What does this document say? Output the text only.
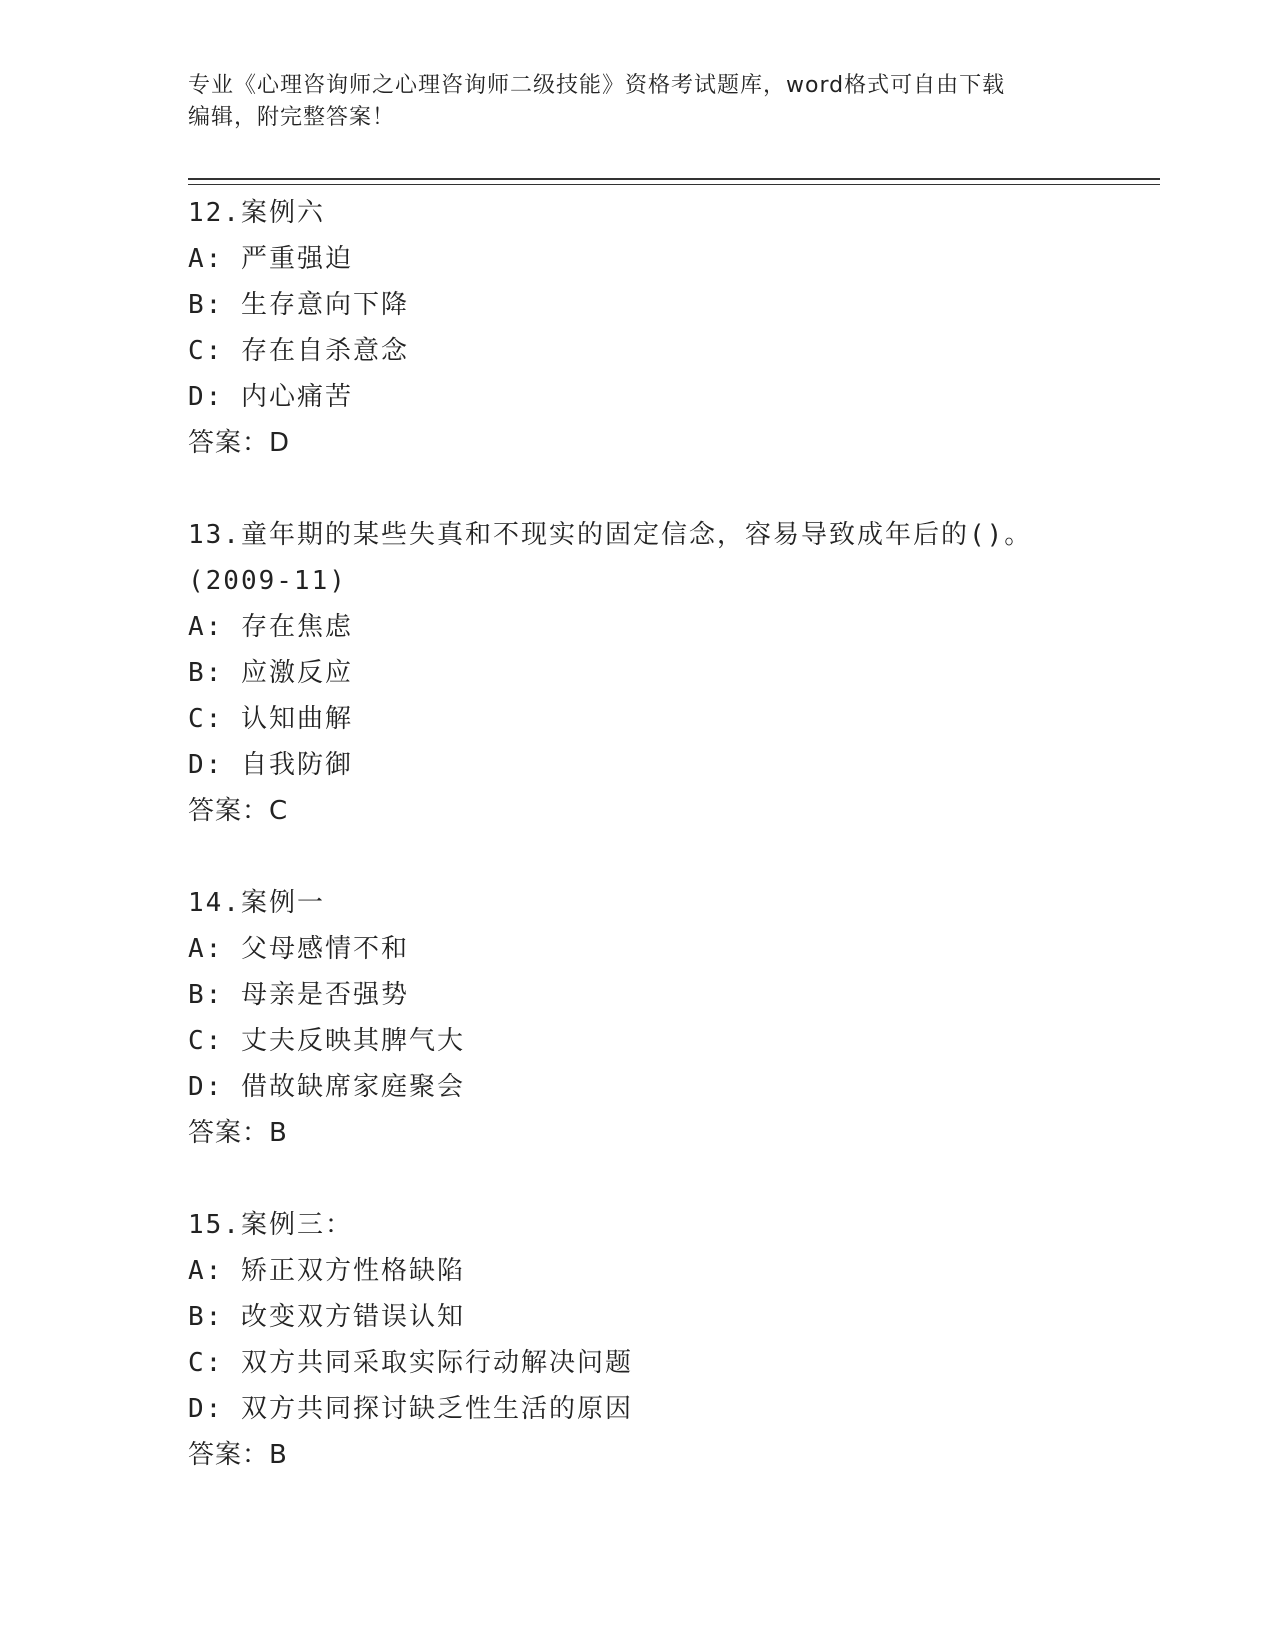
专业《心理咨询师之心理咨询师二级技能》资格考试题库，word格式可自由下载
编辑，附完整答案！
12.案例六
A: 严重强迫
B: 生存意向下降
C: 存在自杀意念
D: 内心痛苦
答案：D
13.童年期的某些失真和不现实的固定信念，容易导致成年后的()。
(2009-11)
A: 存在焦虑
B: 应激反应
C: 认知曲解
D: 自我防御
答案：C
14.案例一
A: 父母感情不和
B: 母亲是否强势
C: 丈夫反映其脾气大
D: 借故缺席家庭聚会
答案：B
15.案例三：
A: 矫正双方性格缺陷
B: 改变双方错误认知
C: 双方共同采取实际行动解决问题
D: 双方共同探讨缺乏性生活的原因
答案：B
